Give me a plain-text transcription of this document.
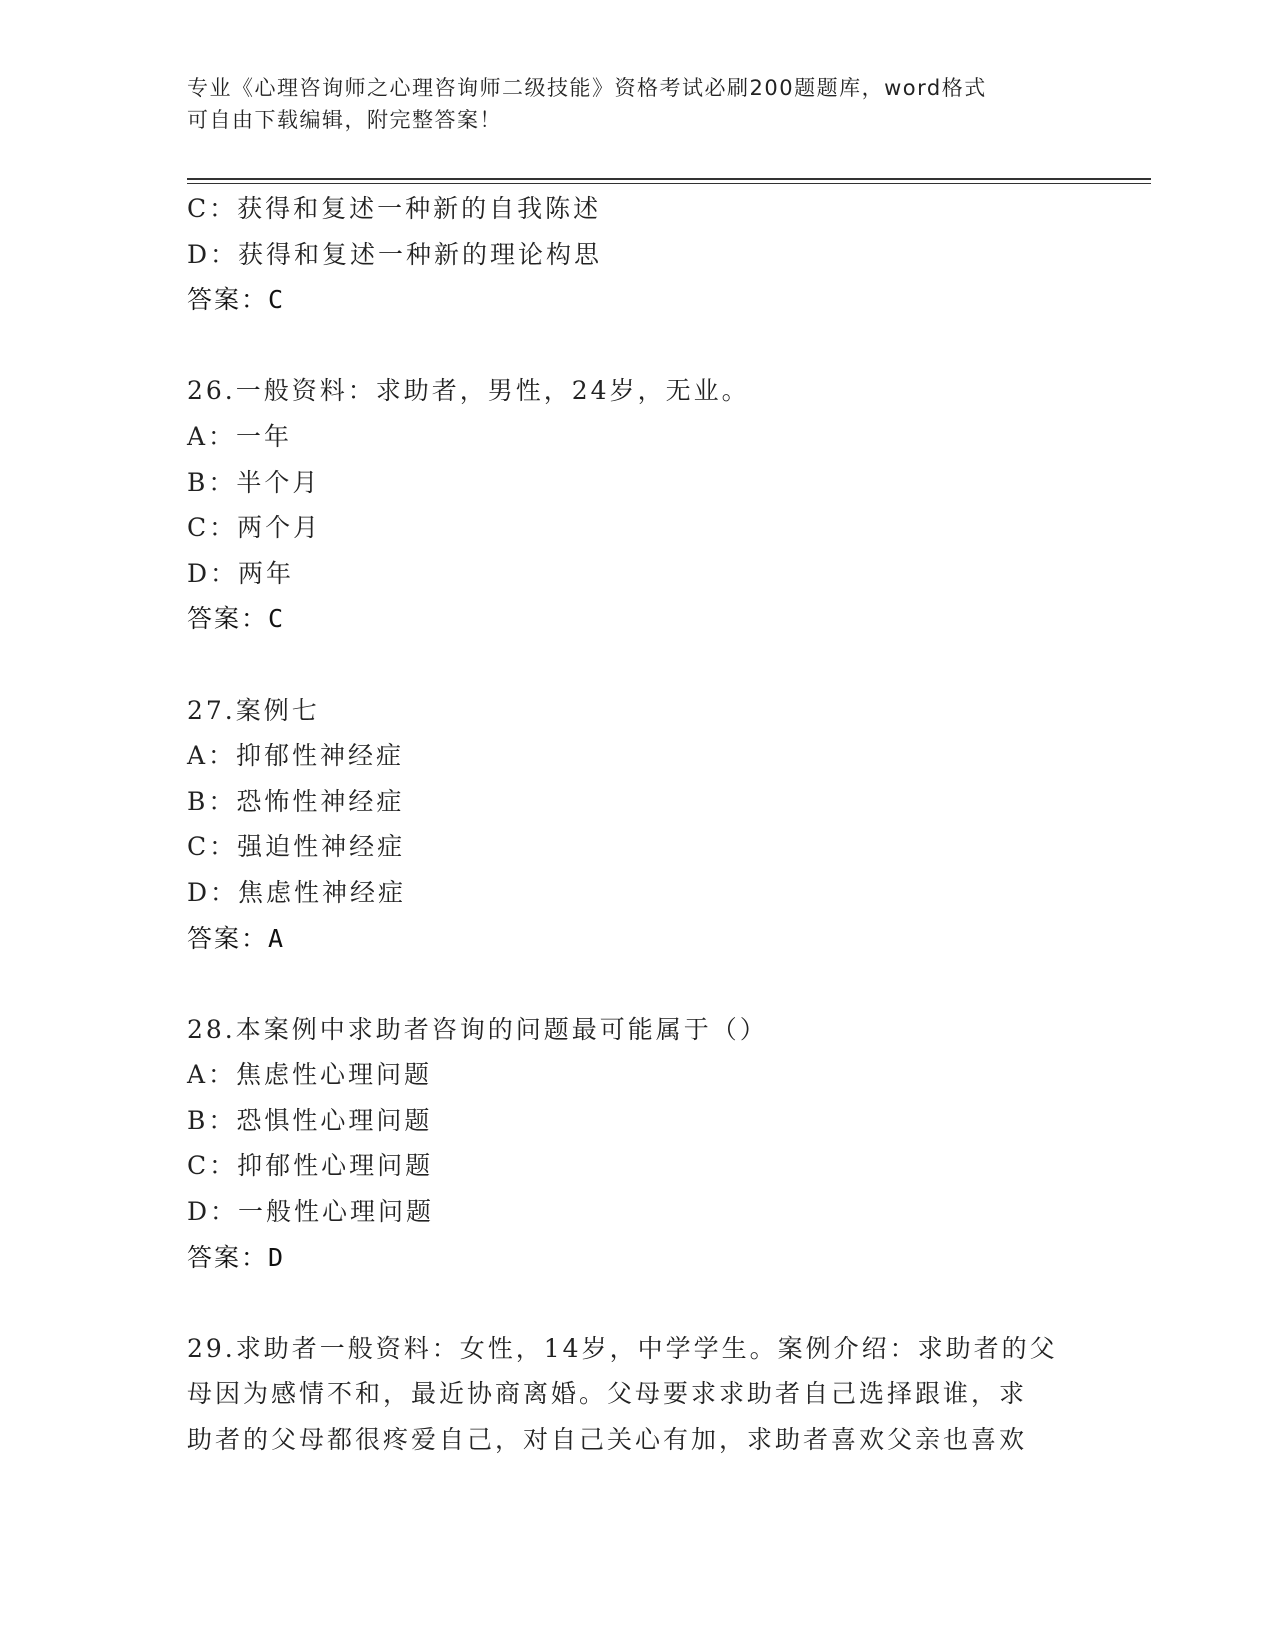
专业《心理咨询师之心理咨询师二级技能》资格考试必刷200题题库，word格式
可自由下载编辑，附完整答案！
C：获得和复述一种新的自我陈述
D：获得和复述一种新的理论构思
答案：C
26.一般资料：求助者，男性，24岁，无业。
A：一年
B：半个月
C：两个月
D：两年
答案：C
27.案例七
A：抑郁性神经症
B：恐怖性神经症
C：强迫性神经症
D：焦虑性神经症
答案：A
28.本案例中求助者咨询的问题最可能属于（）
A：焦虑性心理问题
B：恐惧性心理问题
C：抑郁性心理问题
D：一般性心理问题
答案：D
29.求助者一般资料：女性，14岁，中学学生。案例介绍：求助者的父
母因为感情不和，最近协商离婚。父母要求求助者自己选择跟谁，求
助者的父母都很疼爱自己，对自己关心有加，求助者喜欢父亲也喜欢
